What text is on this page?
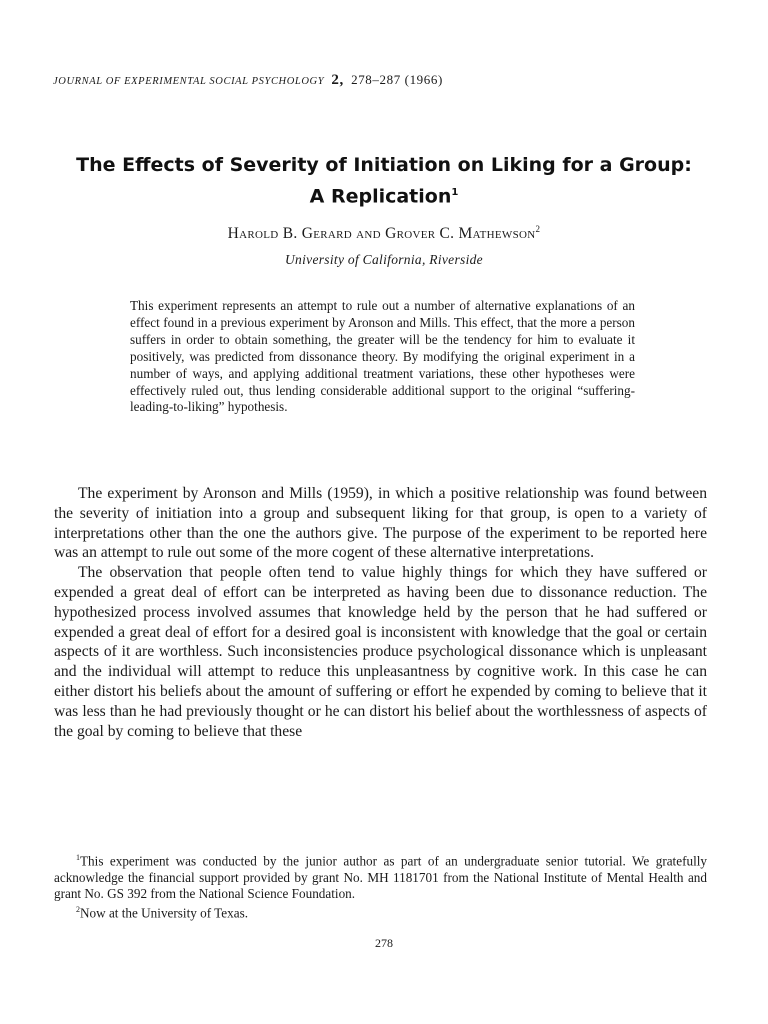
JOURNAL OF EXPERIMENTAL SOCIAL PSYCHOLOGY 2, 278–287 (1966)
The Effects of Severity of Initiation on Liking for a Group:
A Replication$^1$
Harold B. Gerard and Grover C. Mathewson$^2$
University of California, Riverside
This experiment represents an attempt to rule out a number of alternative explanations of an effect found in a previous experiment by Aronson and Mills. This effect, that the more a person suffers in order to obtain something, the greater will be the tendency for him to evaluate it positively, was predicted from dissonance theory. By modifying the original experiment in a number of ways, and applying additional treatment variations, these other hypotheses were effectively ruled out, thus lending considerable additional support to the original “suffering-leading-to-liking” hypothesis.

The experiment by Aronson and Mills (1959), in which a positive relationship was found between the severity of initiation into a group and subsequent liking for that group, is open to a variety of interpretations other than the one the authors give. The purpose of the experiment to be reported here was an attempt to rule out some of the more cogent of these alternative interpretations.

The observation that people often tend to value highly things for which they have suffered or expended a great deal of effort can be interpreted as having been due to dissonance reduction. The hypothesized process involved assumes that knowledge held by the person that he had suffered or expended a great deal of effort for a desired goal is inconsistent with knowledge that the goal or certain aspects of it are worthless. Such inconsistencies produce psychological dissonance which is unpleasant and the individual will attempt to reduce this unpleasantness by cognitive work. In this case he can either distort his beliefs about the amount of suffering or effort he expended by coming to believe that it was less than he had previously thought or he can distort his belief about the worthlessness of aspects of the goal by coming to believe that these

$^1$This experiment was conducted by the junior author as part of an undergraduate senior tutorial. We gratefully acknowledge the financial support provided by grant No. MH 1181701 from the National Institute of Mental Health and grant No. GS 392 from the National Science Foundation.

$^2$Now at the University of Texas.

278
